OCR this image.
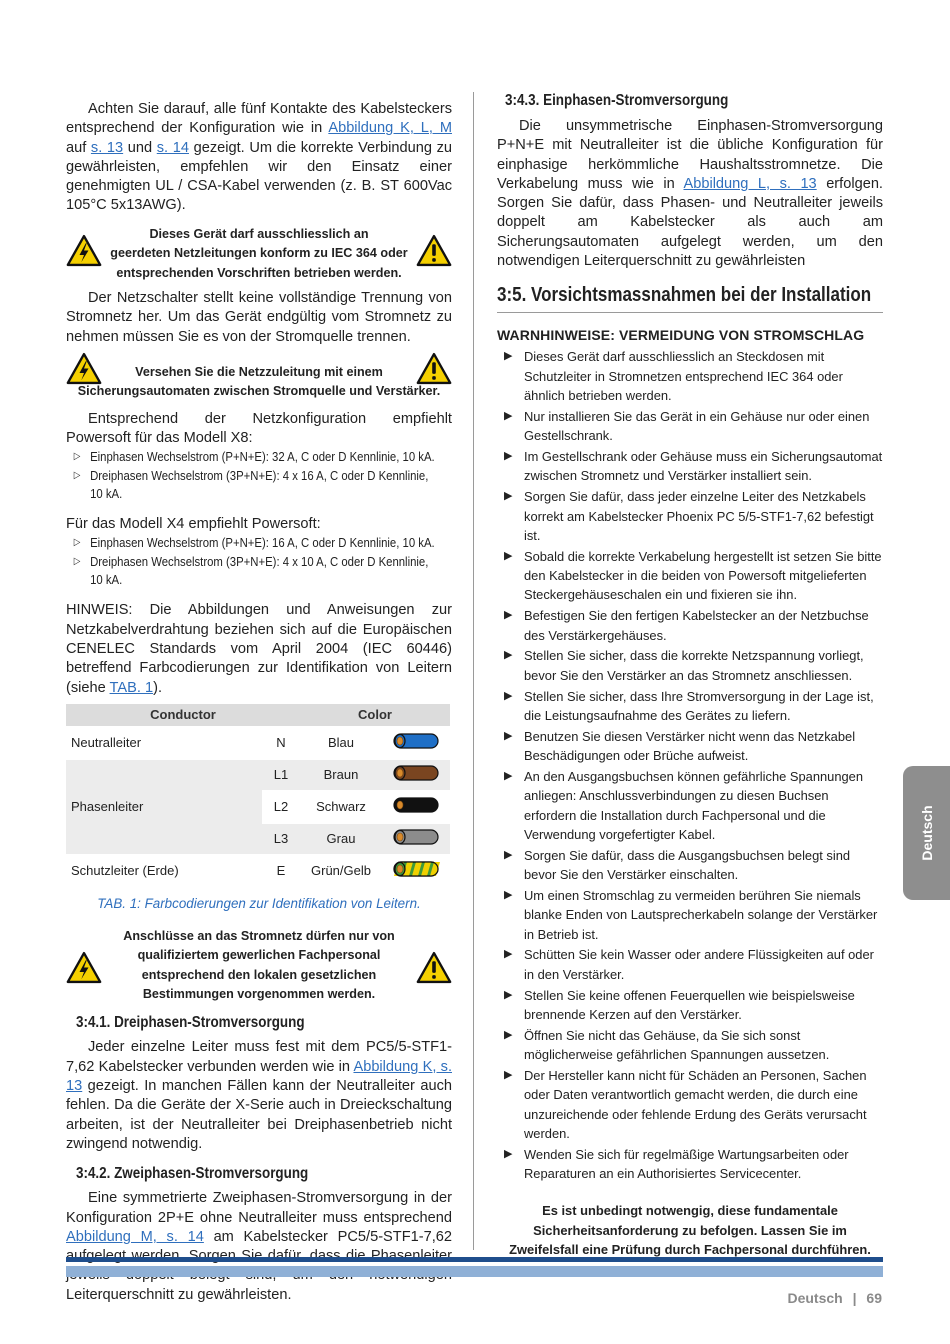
Achten Sie darauf, alle fünf Kontakte des Kabelsteckers entsprechend der Konfiguration wie in Abbildung K, L, M auf s. 13 und s. 14 gezeigt. Um die korrekte Verbindung zu gewährleisten, empfehlen wir den Einsatz einer genehmigten UL / CSA-Kabel verwenden (z. B. ST 600Vac 105°C 5x13AWG).

Dieses Gerät darf ausschliesslich an
geerdeten Netzleitungen konform zu IEC 364 oder
entsprechenden Vorschriften betrieben werden.

Der Netzschalter stellt keine vollständige Trennung von Stromnetz her. Um das Gerät endgültig vom Stromnetz zu nehmen müssen Sie es von der Stromquelle trennen.

Versehen Sie die Netzzuleitung mit einem
Sicherungsautomaten zwischen Stromquelle und Verstärker.

Entsprechend der Netzkonfiguration empfiehlt Powersoft für das Modell X8:

▷ Einphasen Wechselstrom (P+N+E): 32 A, C oder D Kennlinie, 10 kA.
▷ Dreiphasen Wechselstrom (3P+N+E): 4 x 16 A, C oder D Kennlinie,
10 kA.

Für das Modell X4 empfiehlt Powersoft:

▷ Einphasen Wechselstrom (P+N+E): 16 A, C oder D Kennlinie, 10 kA.
▷ Dreiphasen Wechselstrom (3P+N+E): 4 x 10 A, C oder D Kennlinie,
10 kA.

HINWEIS: Die Abbildungen und Anweisungen zur Netzkabelverdrahtung beziehen sich auf die Europäischen CENELEC Standards vom April 2004 (IEC 60446) betreffend Farbcodierungen zur Identifikation von Leitern (siehe TAB. 1).

Conductor		Color	
Neutralleiter	N	Blau	
Phasenleiter	L1	Braun	
	L2	Schwarz	
	L3	Grau	
Schutzleiter (Erde)	E	Grün/Gelb	
TAB. 1: Farbcodierungen zur Identifikation von Leitern.
Anschlüsse an das Stromnetz dürfen nur von
qualifiziertem gewerlichen Fachpersonal
entsprechend den lokalen gesetzlichen
Bestimmungen vorgenommen werden.
3:4.1. Dreiphasen-Stromversorgung

Jeder einzelne Leiter muss fest mit dem PC5/5-STF1-7,62 Kabelstecker verbunden werden wie in Abbildung K, s. 13 gezeigt. In manchen Fällen kann der Neutralleiter auch fehlen. Da die Geräte der X-Serie auch in Dreieckschaltung arbeiten, ist der Neutralleiter bei Dreiphasenbetrieb nicht zwingend notwendig.

3:4.2. Zweiphasen-Stromversorgung

Eine symmetrierte Zweiphasen-Stromversorgung in der Konfiguration 2P+E ohne Neutralleiter muss entsprechend Abbildung M, s. 14 am Kabelstecker PC5/5-STF1-7,62 Leiterquerschnitt zu gewährleisten.

3:4.3. Einphasen-Stromversorgung

Die unsymmetrische Einphasen-Stromversorgung P+N+E mit Neutralleiter ist die übliche Konfiguration für einphasige herkömmliche Haushaltsstromnetze. Die Verkabelung muss wie in Abbildung L, s. 13 erfolgen. Sorgen Sie dafür, dass Phasen- und Neutralleiter jeweils doppelt am Kabelstecker als auch am Sicherungsautomaten aufgelegt werden, um den notwendigen Leiterquerschnitt zu gewährleisten

3:5. Vorsichtsmassnahmen bei der Installation
WARNHINWEISE: VERMEIDUNG VON STROMSCHLAG
▶ Dieses Gerät darf ausschliesslich an Steckdosen mit Schutzleiter in Stromnetzen entsprechend IEC 364 oder ähnlich betrieben werden.
▶ Nur installieren Sie das Gerät in ein Gehäuse nur oder einen Gestellschrank.
▶ Im Gestellschrank oder Gehäuse muss ein Sicherungsautomat zwischen Stromnetz und Verstärker installiert sein.
▶ Sorgen Sie dafür, dass jeder einzelne Leiter des Netzkabels korrekt am Kabelstecker Phoenix PC 5/5-STF1-7,62 befestigt ist.
▶ Sobald die korrekte Verkabelung hergestellt ist setzen Sie bitte den Kabelstecker in die beiden von Powersoft mitgelieferten Steckergehäuseschalen ein und fixieren sie ihn.
▶ Befestigen Sie den fertigen Kabelstecker an der Netzbuchse des Verstärkergehäuses.
▶ Stellen Sie sicher, dass die korrekte Netzspannung vorliegt, bevor Sie den Verstärker an das Stromnetz anschliessen.
▶ Stellen Sie sicher, dass Ihre Stromversorgung in der Lage ist, die Leistungsaufnahme des Gerätes zu liefern.
▶ Benutzen Sie diesen Verstärker nicht wenn das Netzkabel Beschädigungen oder Brüche aufweist.
▶ An den Ausgangsbuchsen können gefährliche Spannungen anliegen: Anschlussverbindungen zu diesen Buchsen erfordern die Installation durch Fachpersonal und die Verwendung vorgefertigter Kabel.
▶ Sorgen Sie dafür, dass die Ausgangsbuchsen belegt sind bevor Sie den Verstärker einschalten.
▶ Um einen Stromschlag zu vermeiden berühren Sie niemals blanke Enden von Lautsprecherkabeln solange der Verstärker in Betrieb ist.
▶ Schütten Sie kein Wasser oder andere Flüssigkeiten auf oder in den Verstärker.
▶ Stellen Sie keine offenen Feuerquellen wie beispielsweise brennende Kerzen auf den Verstärker.
▶ Öffnen Sie nicht das Gehäuse, da Sie sich sonst möglicherweise gefährlichen Spannungen aussetzen.
▶ Der Hersteller kann nicht für Schäden an Personen, Sachen oder Daten verantwortlich gemacht werden, die durch eine unzureichende oder fehlende Erdung des Geräts verursacht werden.
▶ Wenden Sie sich für regelmäßige Wartungsarbeiten oder Reparaturen an ein Authorisiertes Servicecenter.
Es ist unbedingt notwengig, diese fundamentale
Sicherheitsanforderung zu befolgen. Lassen Sie im
Zweifelsfall eine Prüfung durch Fachpersonal durchführen.
Deutsch | 69
Deutsch
